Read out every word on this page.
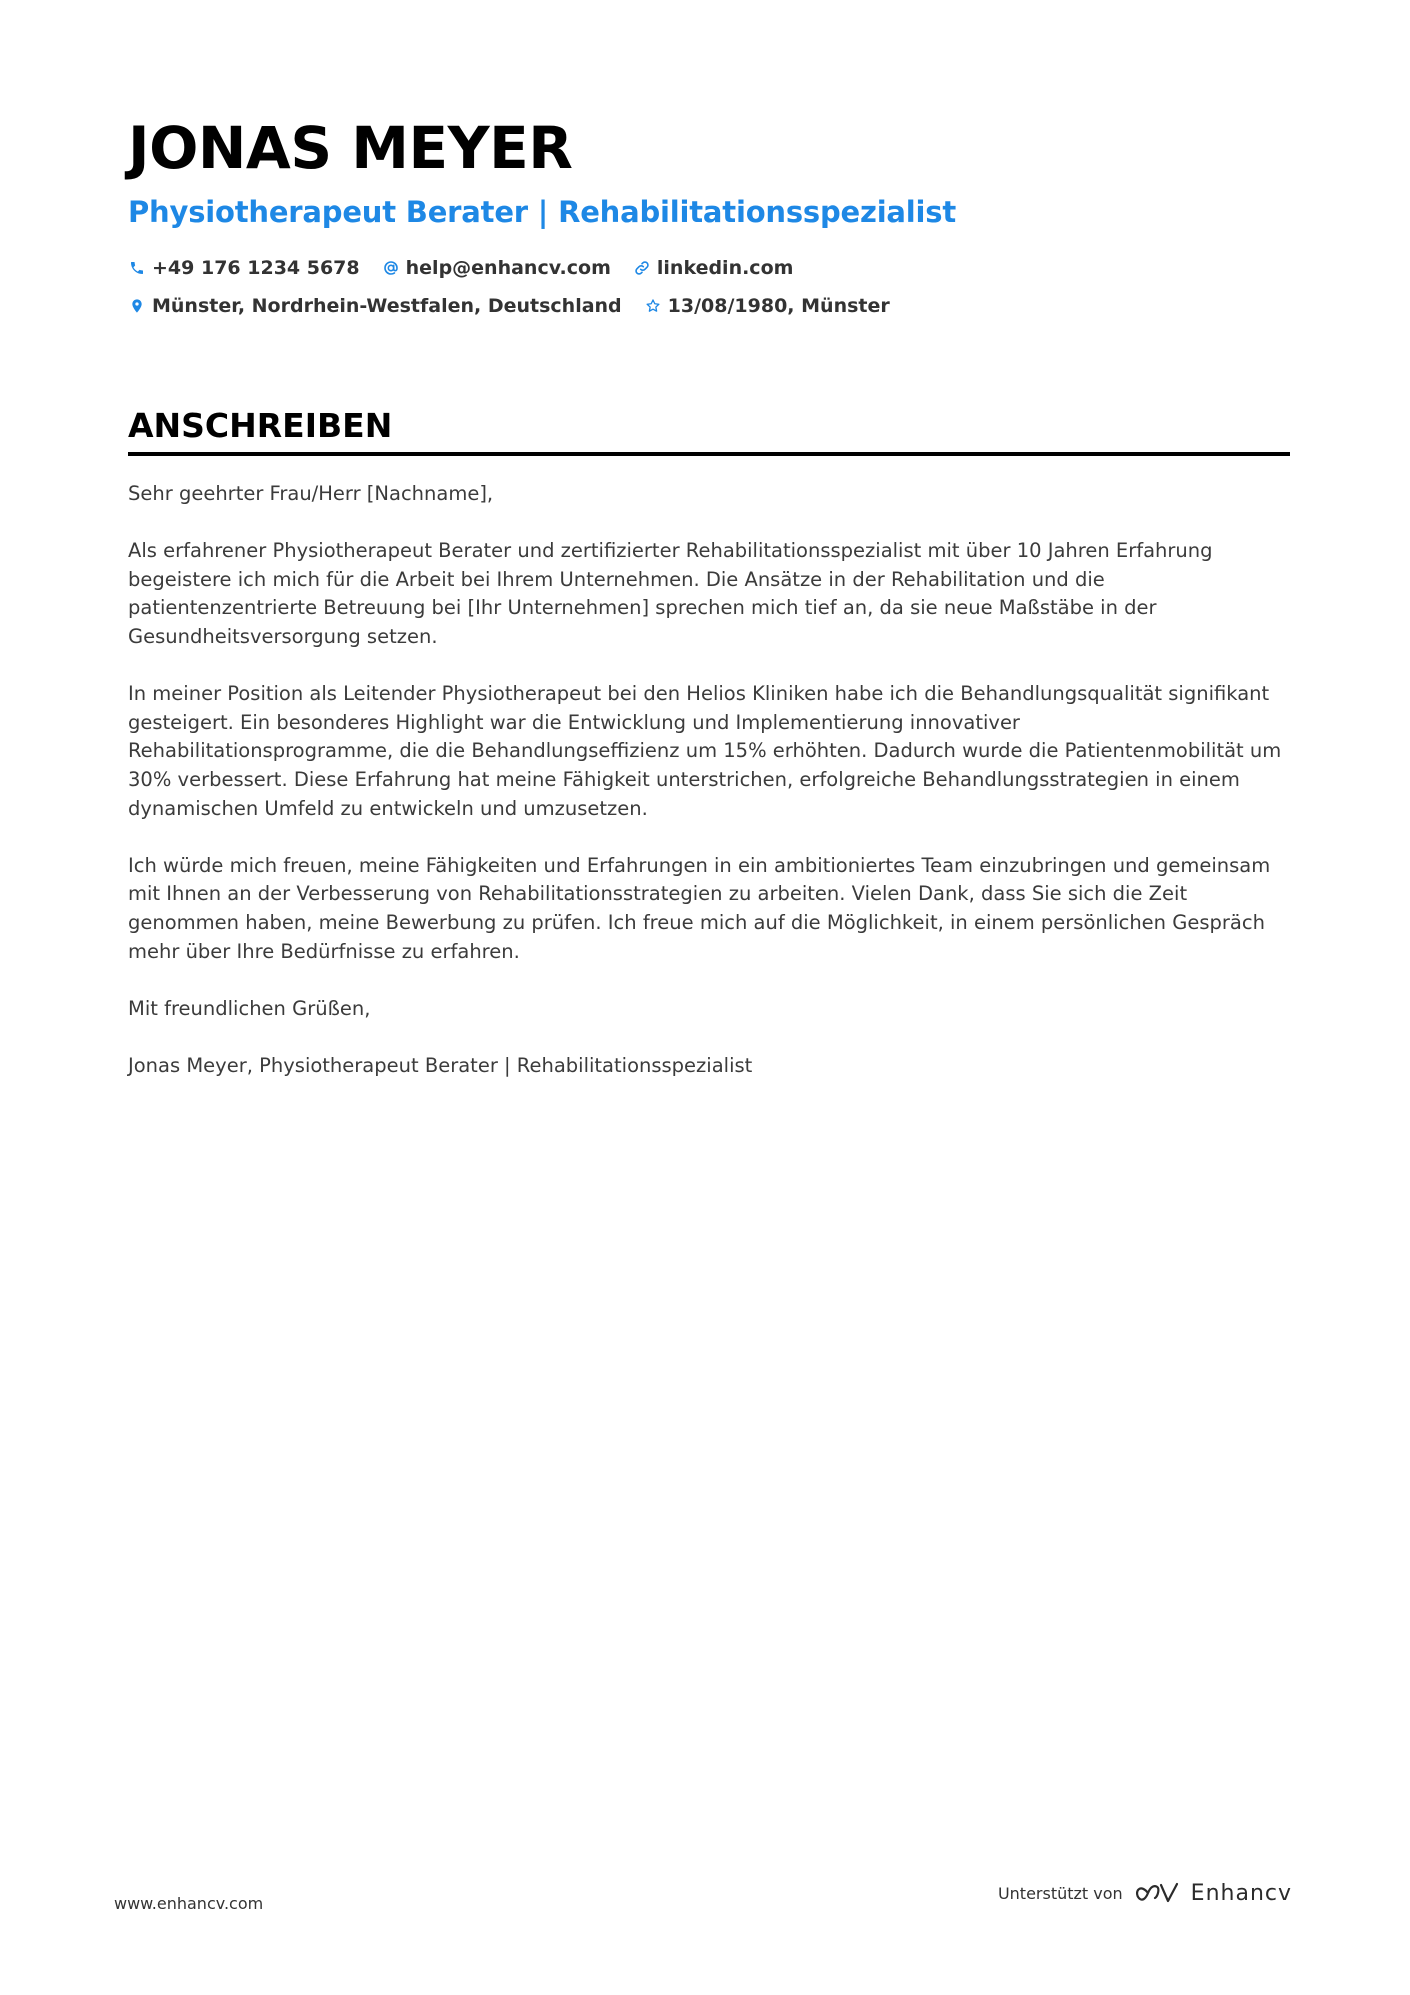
JONAS MEYER
Physiotherapeut Berater | Rehabilitationsspezialist
+49 176 1234 5678 help@enhancv.com linkedin.com
Münster, Nordrhein-Westfalen, Deutschland 13/08/1980, Münster
ANSCHREIBEN

Sehr geehrter Frau/Herr [Nachname],

Als erfahrener Physiotherapeut Berater und zertifizierter Rehabilitationsspezialist mit über 10 Jahren Erfahrung begeistere ich mich für die Arbeit bei Ihrem Unternehmen. Die Ansätze in der Rehabilitation und die patientenzentrierte Betreuung bei [Ihr Unternehmen] sprechen mich tief an, da sie neue Maßstäbe in der Gesundheitsversorgung setzen.

In meiner Position als Leitender Physiotherapeut bei den Helios Kliniken habe ich die Behandlungsqualität signifikant gesteigert. Ein besonderes Highlight war die Entwicklung und Implementierung innovativer Rehabilitationsprogramme, die die Behandlungseffizienz um 15% erhöhten. Dadurch wurde die Patientenmobilität um 30% verbessert. Diese Erfahrung hat meine Fähigkeit unterstrichen, erfolgreiche Behandlungsstrategien in einem dynamischen Umfeld zu entwickeln und umzusetzen.

Ich würde mich freuen, meine Fähigkeiten und Erfahrungen in ein ambitioniertes Team einzubringen und gemeinsam mit Ihnen an der Verbesserung von Rehabilitationsstrategien zu arbeiten. Vielen Dank, dass Sie sich die Zeit genommen haben, meine Bewerbung zu prüfen. Ich freue mich auf die Möglichkeit, in einem persönlichen Gespräch mehr über Ihre Bedürfnisse zu erfahren.

Mit freundlichen Grüßen,

Jonas Meyer, Physiotherapeut Berater | Rehabilitationsspezialist

www.enhancv.com
Unterstützt von	Enhancv
